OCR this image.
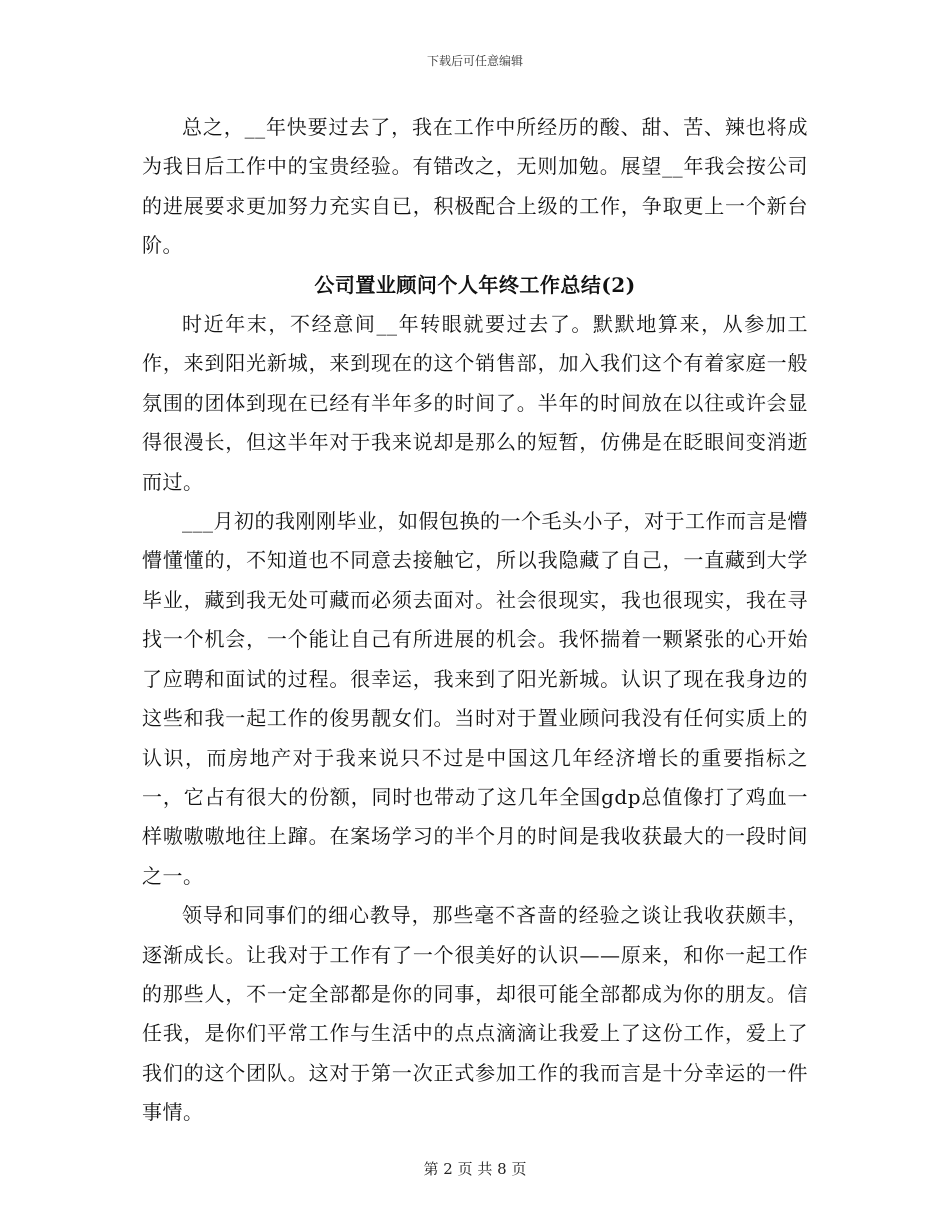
下载后可任意编辑

总之，__年快要过去了，我在工作中所经历的酸、甜、苦、辣也将成为我日后工作中的宝贵经验。有错改之，无则加勉。展望__年我会按公司的进展要求更加努力充实自已，积极配合上级的工作，争取更上一个新台阶。

公司置业顾问个人年终工作总结(2)

时近年末，不经意间__年转眼就要过去了。默默地算来，从参加工作，来到阳光新城，来到现在的这个销售部，加入我们这个有着家庭一般氛围的团体到现在已经有半年多的时间了。半年的时间放在以往或许会显得很漫长，但这半年对于我来说却是那么的短暂，仿佛是在眨眼间变消逝而过。

___月初的我刚刚毕业，如假包换的一个毛头小子，对于工作而言是懵懵懂懂的，不知道也不同意去接触它，所以我隐藏了自己，一直藏到大学毕业，藏到我无处可藏而必须去面对。社会很现实，我也很现实，我在寻找一个机会，一个能让自己有所进展的机会。我怀揣着一颗紧张的心开始了应聘和面试的过程。很幸运，我来到了阳光新城。认识了现在我身边的这些和我一起工作的俊男靓女们。当时对于置业顾问我没有任何实质上的认识，而房地产对于我来说只不过是中国这几年经济增长的重要指标之一，它占有很大的份额，同时也带动了这几年全国gdp总值像打了鸡血一样嗷嗷嗷地往上蹿。在案场学习的半个月的时间是我收获最大的一段时间之一。

领导和同事们的细心教导，那些毫不吝啬的经验之谈让我收获颇丰，逐渐成长。让我对于工作有了一个很美好的认识——原来，和你一起工作的那些人，不一定全部都是你的同事，却很可能全部都成为你的朋友。信任我，是你们平常工作与生活中的点点滴滴让我爱上了这份工作，爱上了我们的这个团队。这对于第一次正式参加工作的我而言是十分幸运的一件事情。

第 2 页 共 8 页
